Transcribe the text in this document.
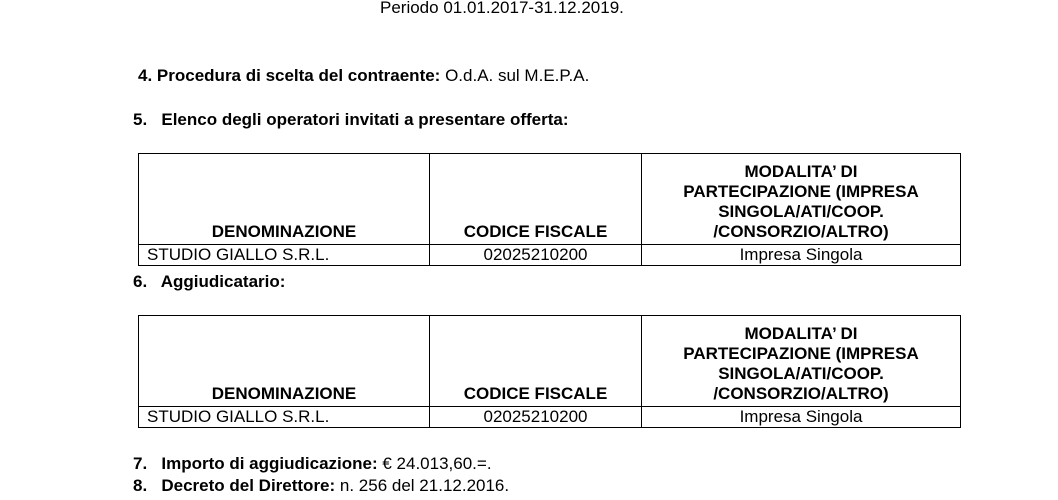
Periodo 01.01.2017-31.12.2019.
4. Procedura di scelta del contraente: O.d.A. sul M.E.P.A.
5. Elenco degli operatori invitati a presentare offerta:
DENOMINAZIONE	CODICE FISCALE	MODALITA’ DI
PARTECIPAZIONE (IMPRESA
SINGOLA/ATI/COOP.
/CONSORZIO/ALTRO)

STUDIO GIALLO S.R.L.	02025210200	Impresa Singola
6. Aggiudicatario:
DENOMINAZIONE	CODICE FISCALE	MODALITA’ DI
PARTECIPAZIONE (IMPRESA
SINGOLA/ATI/COOP.
/CONSORZIO/ALTRO)

STUDIO GIALLO S.R.L.	02025210200	Impresa Singola
7. Importo di aggiudicazione: € 24.013,60.=.
8. Decreto del Direttore: n. 256 del 21.12.2016.
